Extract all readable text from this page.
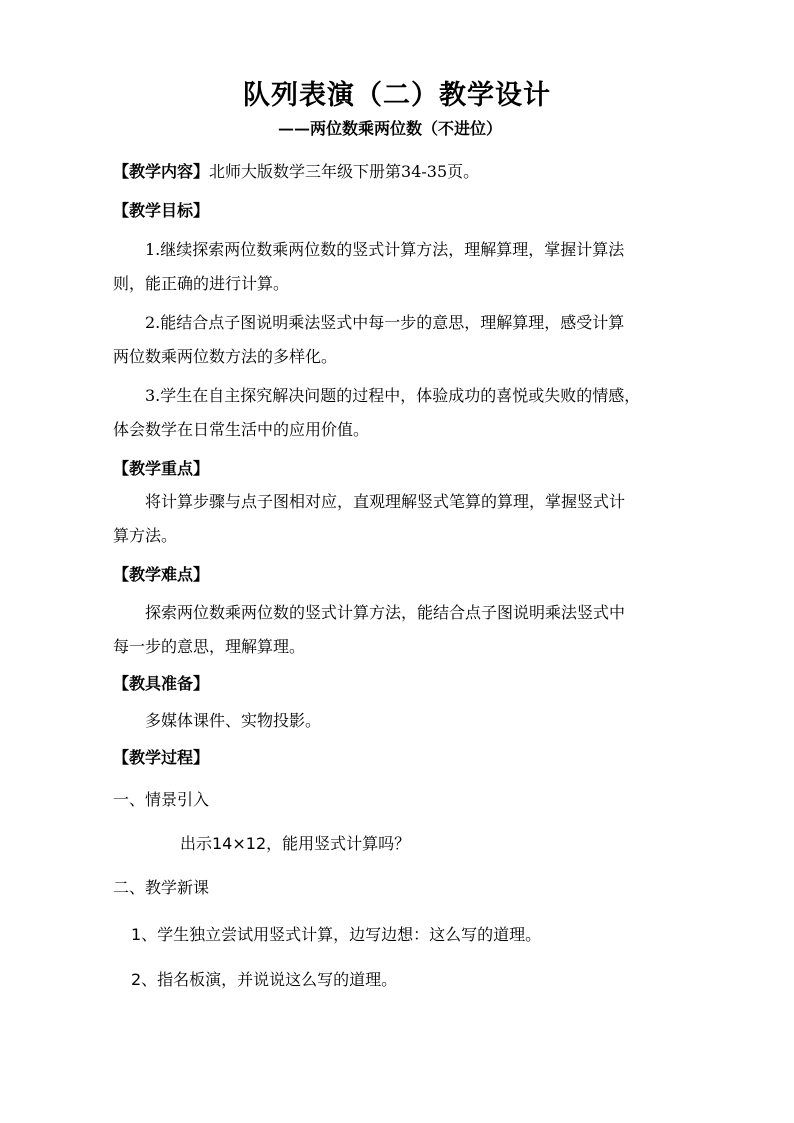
队列表演（二）教学设计
——两位数乘两位数（不进位）
【教学内容】北师大版数学三年级下册第34-35页。
【教学目标】
1.继续探索两位数乘两位数的竖式计算方法，理解算理，掌握计算法
则，能正确的进行计算。
2.能结合点子图说明乘法竖式中每一步的意思，理解算理，感受计算
两位数乘两位数方法的多样化。
3.学生在自主探究解决问题的过程中，体验成功的喜悦或失败的情感，
体会数学在日常生活中的应用价值。
【教学重点】
将计算步骤与点子图相对应，直观理解竖式笔算的算理，掌握竖式计
算方法。
【教学难点】
探索两位数乘两位数的竖式计算方法，能结合点子图说明乘法竖式中
每一步的意思，理解算理。
【教具准备】
多媒体课件、实物投影。
【教学过程】
一、情景引入
出示14×12，能用竖式计算吗？
二、教学新课
1、学生独立尝试用竖式计算，边写边想：这么写的道理。
2、指名板演，并说说这么写的道理。
